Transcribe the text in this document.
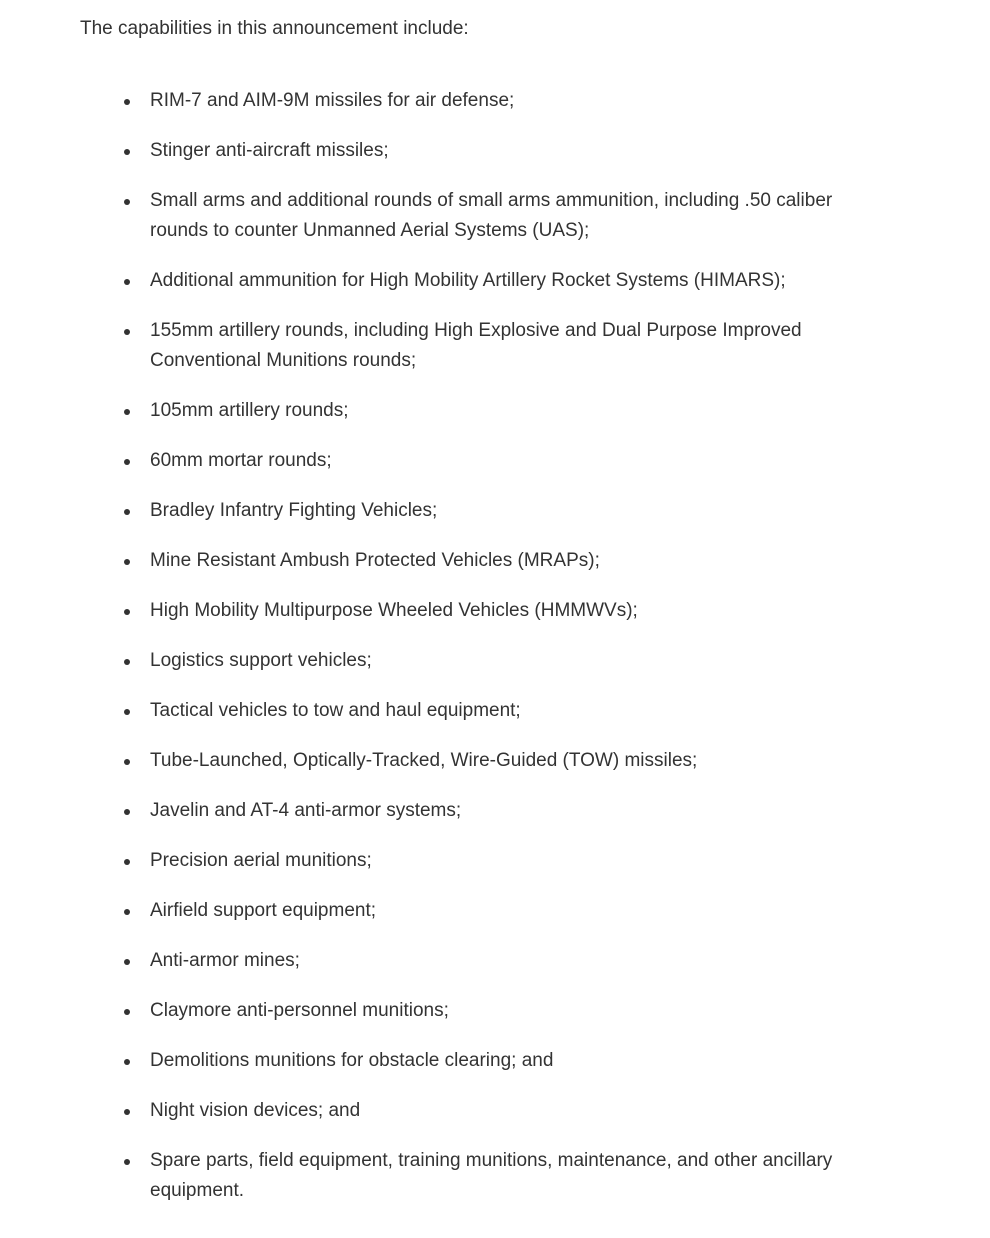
The capabilities in this announcement include:

RIM-7 and AIM-9M missiles for air defense;
Stinger anti-aircraft missiles;
Small arms and additional rounds of small arms ammunition, including .50 caliber rounds to counter Unmanned Aerial Systems (UAS);
Additional ammunition for High Mobility Artillery Rocket Systems (HIMARS);
155mm artillery rounds, including High Explosive and Dual Purpose Improved Conventional Munitions rounds;
105mm artillery rounds;
60mm mortar rounds;
Bradley Infantry Fighting Vehicles;
Mine Resistant Ambush Protected Vehicles (MRAPs);
High Mobility Multipurpose Wheeled Vehicles (HMMWVs);
Logistics support vehicles;
Tactical vehicles to tow and haul equipment;
Tube-Launched, Optically-Tracked, Wire-Guided (TOW) missiles;
Javelin and AT-4 anti-armor systems;
Precision aerial munitions;
Airfield support equipment;
Anti-armor mines;
Claymore anti-personnel munitions;
Demolitions munitions for obstacle clearing; and
Night vision devices; and
Spare parts, field equipment, training munitions, maintenance, and other ancillary equipment.
